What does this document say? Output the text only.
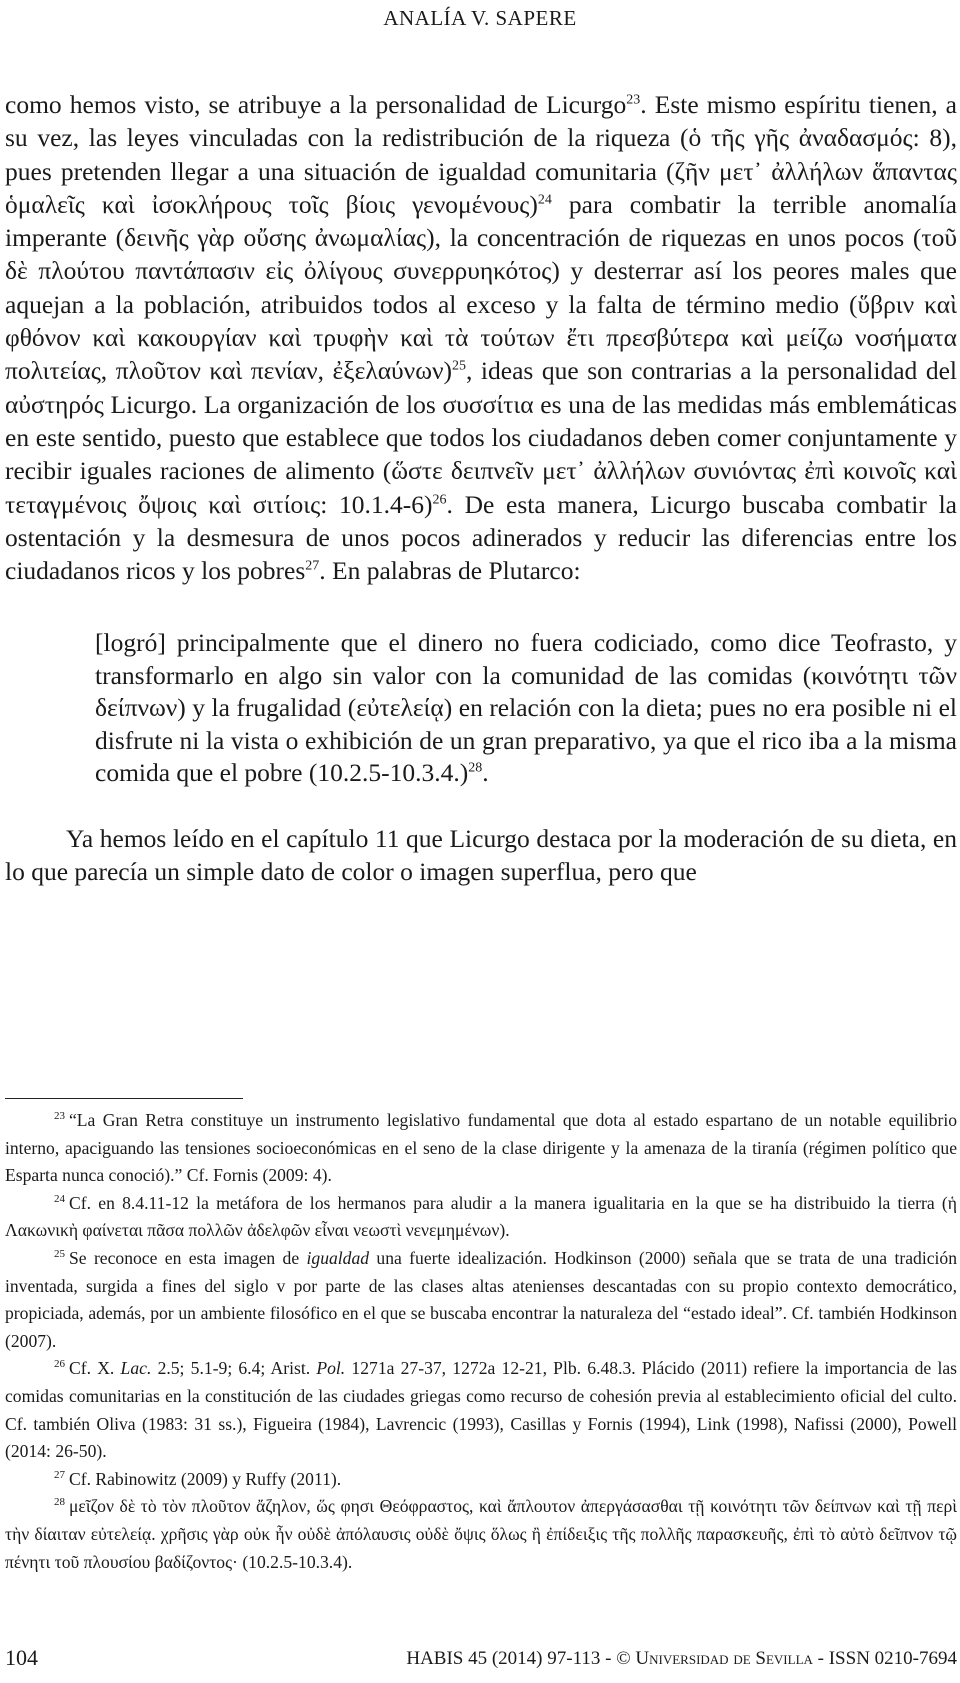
ANALÍA V. SAPERE

como hemos visto, se atribuye a la personalidad de Licurgo$^{23}$. Este mismo espíritu tienen, a su vez, las leyes vinculadas con la redistribución de la riqueza (ὁ τῆς γῆς ἀναδασμός: 8), pues pretenden llegar a una situación de igualdad comunitaria (ζῆν μετ᾽ ἀλλήλων ἅπαντας ὁμαλεῖς καὶ ἰσοκλήρους τοῖς βίοις γενομένους)$^{24}$ para combatir la terrible anomalía imperante (δεινῆς γὰρ οὔσης ἀνωμαλίας), la concentración de riquezas en unos pocos (τοῦ δὲ πλούτου παντάπασιν εἰς ὀλίγους συνερρυηκότος) y desterrar así los peores males que aquejan a la población, atribuidos todos al exceso y la falta de término medio (ὕβριν καὶ φθόνον καὶ κακουργίαν καὶ τρυφὴν καὶ τὰ τούτων ἔτι πρεσβύτερα καὶ μείζω νοσήματα πολιτείας, πλοῦτον καὶ πενίαν, ἐξελαύνων)$^{25}$, ideas que son contrarias a la personalidad del αὐστηρός Licurgo. La organización de los συσσίτια es una de las medidas más emblemáticas en este sentido, puesto que establece que todos los ciudadanos deben comer conjuntamente y recibir iguales raciones de alimento (ὥστε δειπνεῖν μετ᾽ ἀλλήλων συνιόντας ἐπὶ κοινοῖς καὶ τεταγμένοις ὄψοις καὶ σιτίοις: 10.1.4-6)$^{26}$. De esta manera, Licurgo buscaba combatir la ostentación y la desmesura de unos pocos adinerados y reducir las diferencias entre los ciudadanos ricos y los pobres$^{27}$. En palabras de Plutarco:

[logró] principalmente que el dinero no fuera codiciado, como dice Teofrasto, y transformarlo en algo sin valor con la comunidad de las comidas (κοινότητι τῶν δείπνων) y la frugalidad (εὐτελείᾳ) en relación con la dieta; pues no era posible ni el disfrute ni la vista o exhibición de un gran preparativo, ya que el rico iba a la misma comida que el pobre $(10.2.5-10.3.4.)^{28}$.

Ya hemos leído en el capítulo 11 que Licurgo destaca por la moderación de su dieta, en lo que parecía un simple dato de color o imagen superflua, pero que

$^{23}$ “La Gran Retra constituye un instrumento legislativo fundamental que dota al estado espartano de un notable equilibrio interno, apaciguando las tensiones socioeconómicas en el seno de la clase dirigente y la amenaza de la tiranía (régimen político que Esparta nunca conoció).” Cf. Fornis (2009: 4).

$^{24}$ Cf. en 8.4.11-12 la metáfora de los hermanos para aludir a la manera igualitaria en la que se ha distribuido la tierra (ἡ Λακωνικὴ φαίνεται πᾶσα πολλῶν ἀδελφῶν εἶναι νεωστὶ νενεμημένων).

$^{25}$ Se reconoce en esta imagen de igualdad una fuerte idealización. Hodkinson (2000) señala que se trata de una tradición inventada, surgida a fines del siglo v por parte de las clases altas atenienses descantadas con su propio contexto democrático, propiciada, además, por un ambiente filosófico en el que se buscaba encontrar la naturaleza del “estado ideal”. Cf. también Hodkinson (2007).

$^{26}$ Cf. X. Lac. 2.5; 5.1-9; 6.4; Arist. Pol. 1271a 27-37, 1272a 12-21, Plb. 6.48.3. Plácido (2011) refiere la importancia de las comidas comunitarias en la constitución de las ciudades griegas como recurso de cohesión previa al establecimiento oficial del culto. Cf. también Oliva (1983: 31 ss.), Figueira (1984), Lavrencic (1993), Casillas y Fornis (1994), Link (1998), Nafissi (2000), Powell (2014: 26-50).

$^{27}$ Cf. Rabinowitz (2009) y Ruffy (2011).

$^{28}$ μεῖζον δὲ τὸ τὸν πλοῦτον ἄζηλον, ὥς φησι Θεόφραστος, καὶ ἄπλουτον ἀπεργάσασθαι τῇ κοινότητι τῶν δείπνων καὶ τῇ περὶ τὴν δίαιταν εὐτελείᾳ. χρῆσις γὰρ οὐκ ἦν οὐδὲ ἀπόλαυσις οὐδὲ ὄψις ὅλως ἢ ἐπίδειξις τῆς πολλῆς παρασκευῆς, ἐπὶ τὸ αὐτὸ δεῖπνον τῷ πένητι τοῦ πλουσίου βαδίζοντος· (10.2.5-10.3.4).

104	HABIS 45 (2014) 97-113 - © Universidad de Sevilla - ISSN 0210-7694
